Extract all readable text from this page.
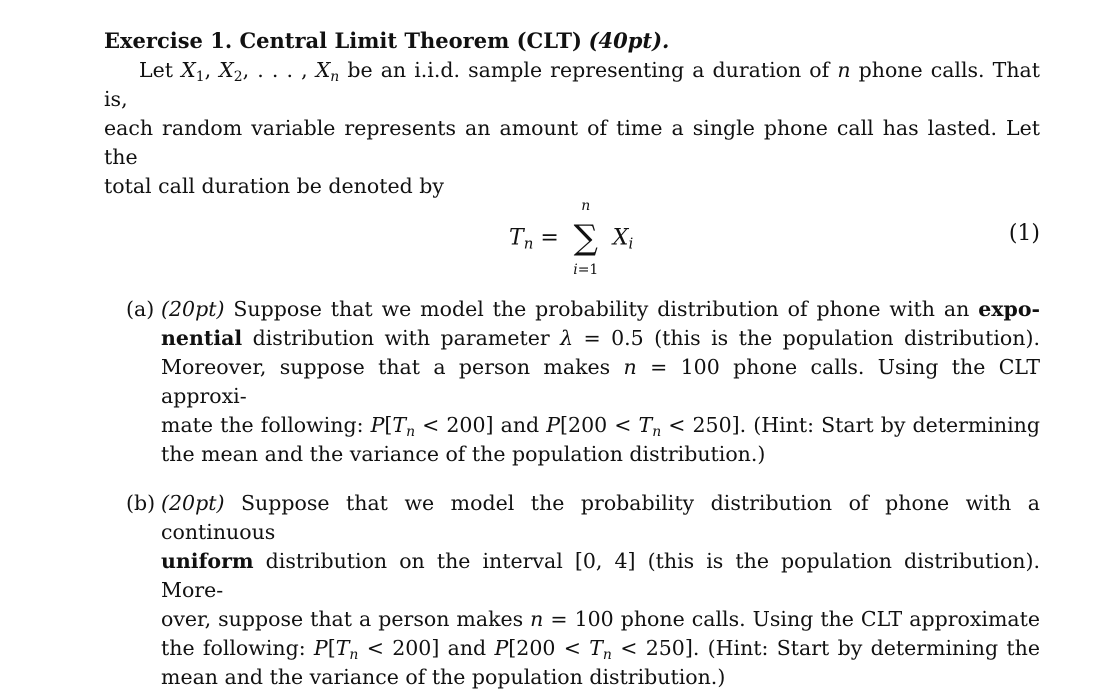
Exercise 1. Central Limit Theorem (CLT) (40pt).
Let $X_1$, $X_2$, . . . , $X_n$ be an i.i.d. sample representing a duration of n phone calls. That is,
each random variable represents an amount of time a single phone call has lasted. Let the
total call duration be denoted by
$T_n$ =
n
∑
i=1
$X_i$	(1)
(a) (20pt) Suppose that we model the probability distribution of phone with an expo-
nential distribution with parameter λ = 0.5 (this is the population distribution).
Moreover, suppose that a person makes n = 100 phone calls. Using the CLT approxi-
mate the following: $P[T_n < 200]$ and $P[200 < T_n < 250]$. (Hint: Start by determining
the mean and the variance of the population distribution.)
(b) (20pt) Suppose that we model the probability distribution of phone with a continuous
uniform distribution on the interval [0, 4] (this is the population distribution). More-
over, suppose that a person makes n = 100 phone calls. Using the CLT approximate
the following: $P[T_n < 200]$ and $P[200 < T_n < 250]$. (Hint: Start by determining the
mean and the variance of the population distribution.)
